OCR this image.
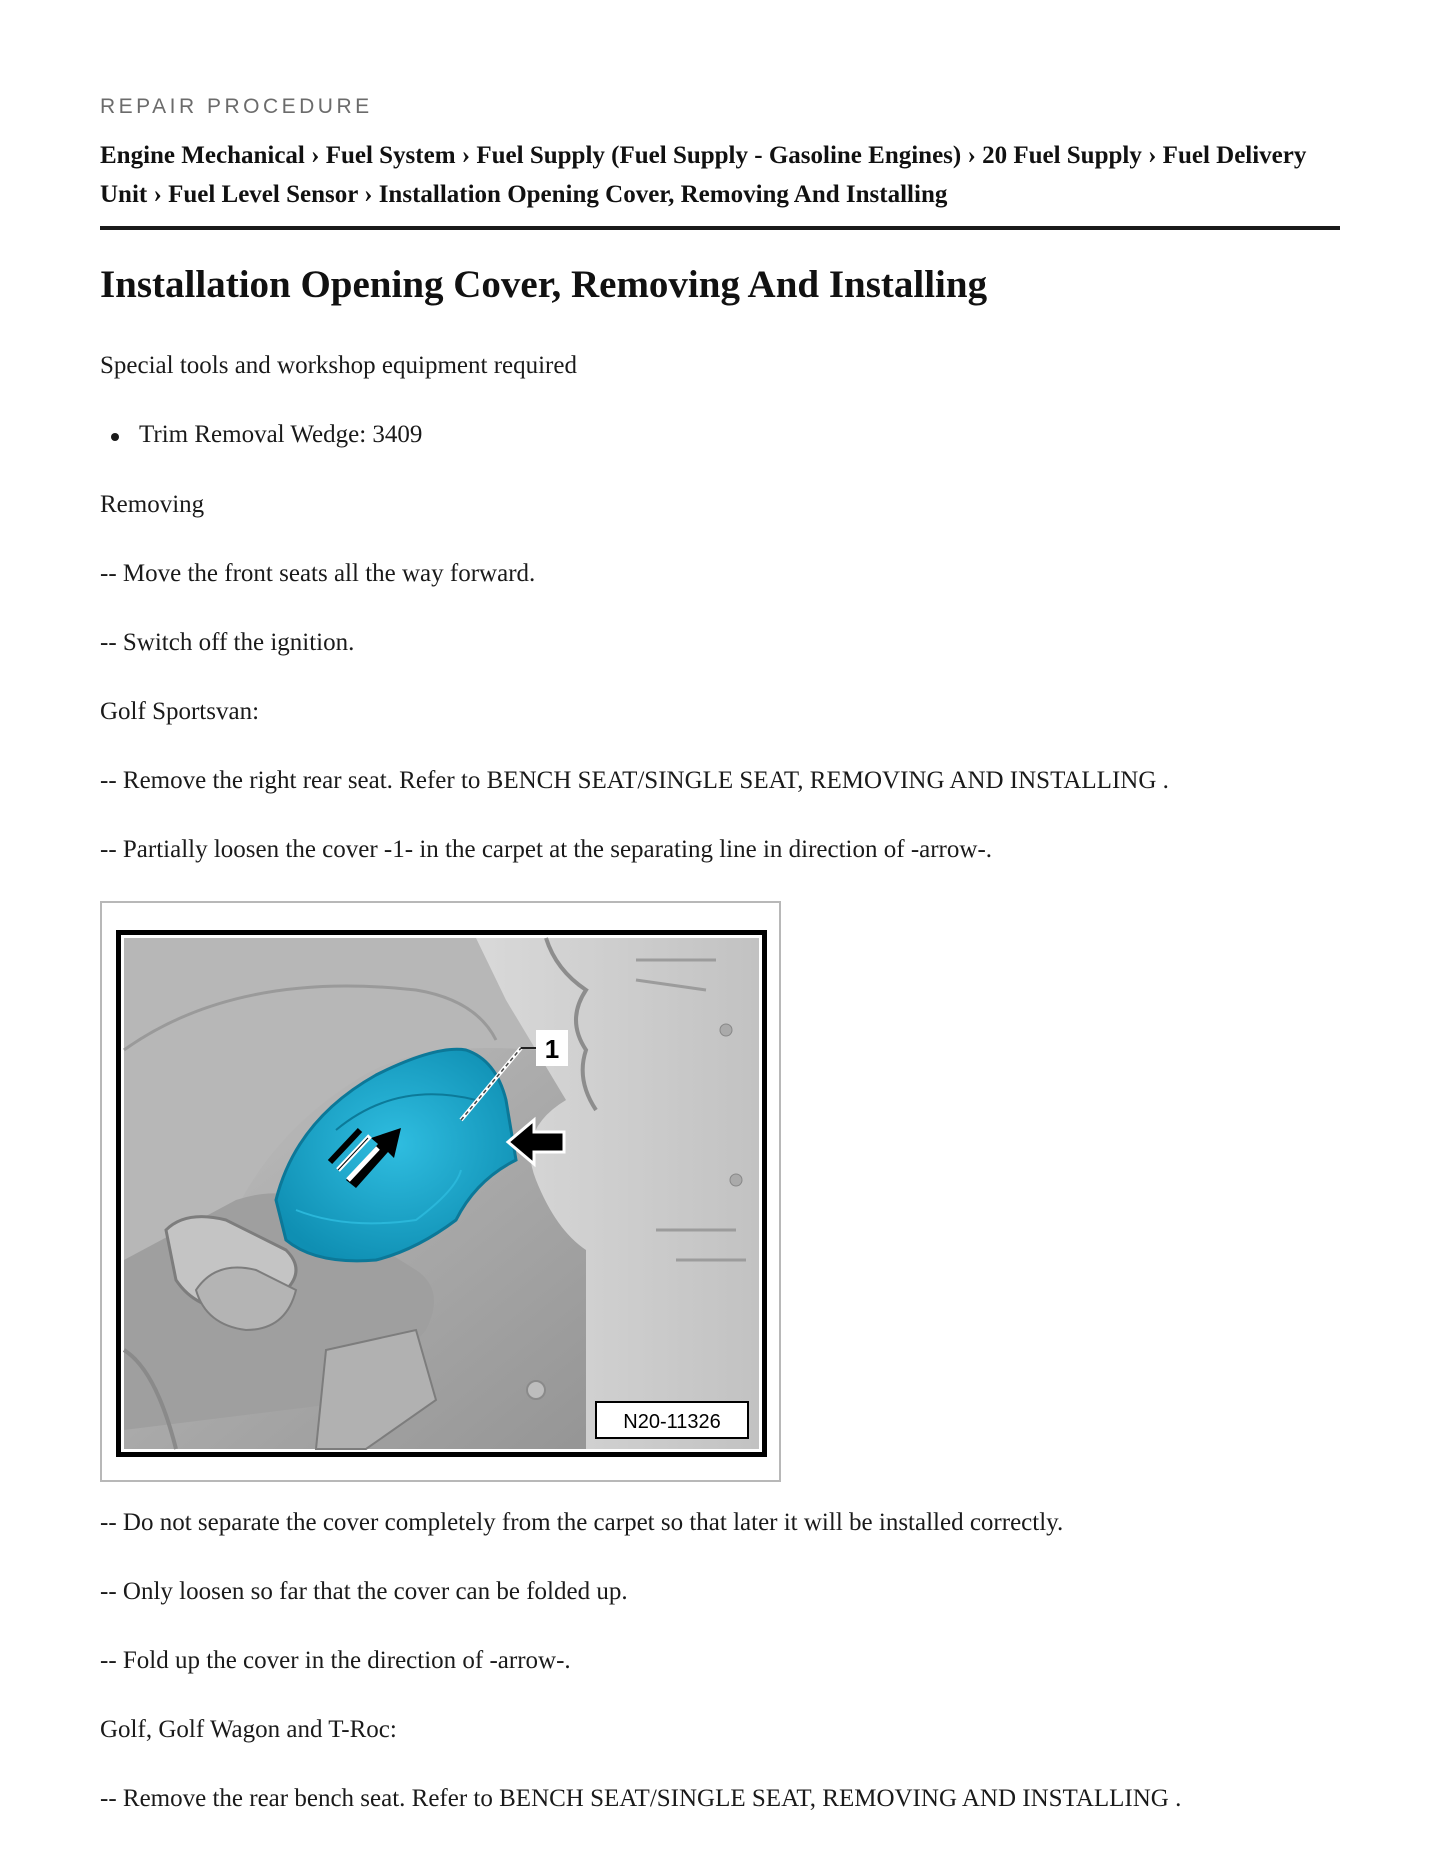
REPAIR PROCEDURE
Engine Mechanical › Fuel System › Fuel Supply (Fuel Supply - Gasoline Engines) › 20 Fuel Supply › Fuel Delivery Unit › Fuel Level Sensor › Installation Opening Cover, Removing And Installing
Installation Opening Cover, Removing And Installing

Special tools and workshop equipment required

Trim Removal Wedge: 3409

Removing

-- Move the front seats all the way forward.

-- Switch off the ignition.

Golf Sportsvan:

-- Remove the right rear seat. Refer to BENCH SEAT/SINGLE SEAT, REMOVING AND INSTALLING .

-- Partially loosen the cover -1- in the carpet at the separating line in direction of -arrow-.

1
N20-11326

-- Do not separate the cover completely from the carpet so that later it will be installed correctly.

-- Only loosen so far that the cover can be folded up.

-- Fold up the cover in the direction of -arrow-.

Golf, Golf Wagon and T-Roc:

-- Remove the rear bench seat. Refer to BENCH SEAT/SINGLE SEAT, REMOVING AND INSTALLING .
